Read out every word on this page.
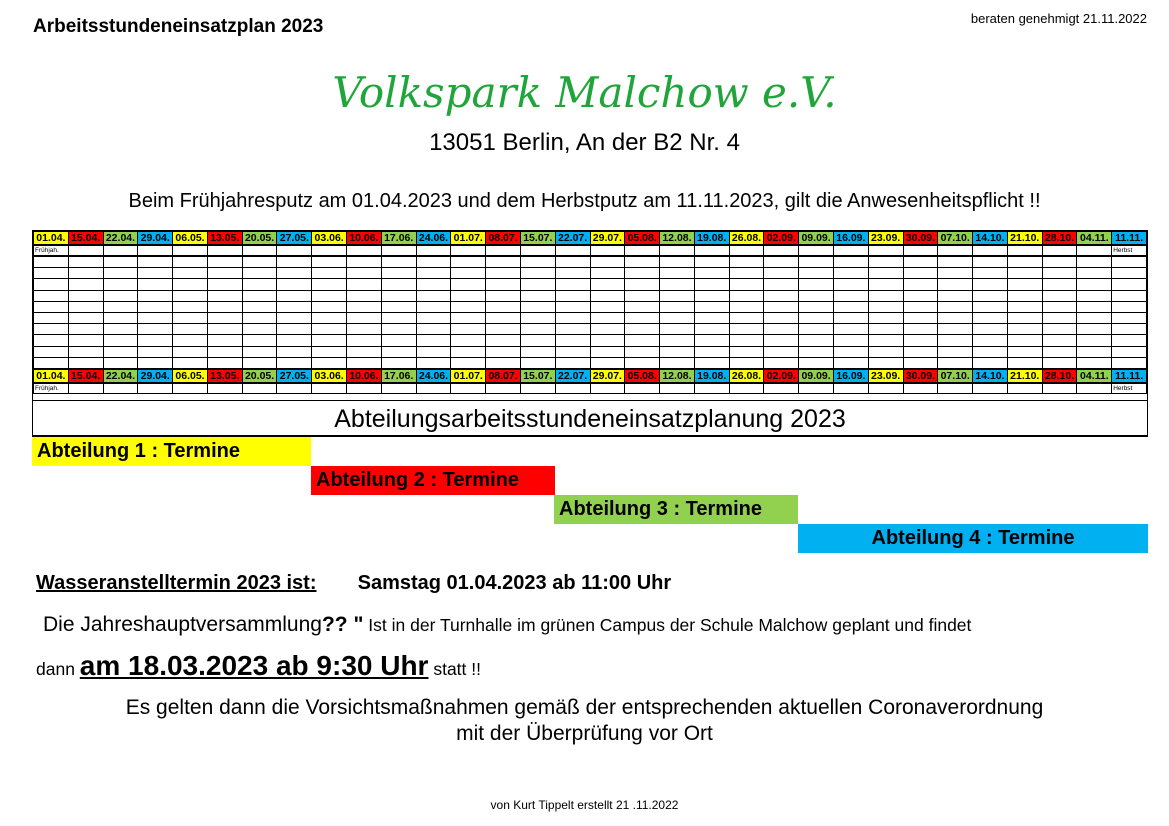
Arbeitsstundeneinsatzplan 2023	beraten genehmigt 21.11.2022
Volkspark Malchow e.V.
13051 Berlin, An der B2 Nr. 4
Beim Frühjahresputz am 01.04.2023 und dem Herbstputz am 11.11.2023, gilt die Anwesenheitspflicht !!
01.04.	15.04.	22.04.	29.04.	06.05.	13.05.	20.05.	27.05.	03.06.	10.06.	17.06.	24.06.	01.07.	08.07.	15.07.	22.07.	29.07.	05.08.	12.08.	19.08.	26.08.	02.09.	09.09.	16.09.	23.09.	30.09.	07.10.	14.10.	21.10.	28.10.	04.11.	11.11.
Frühjah.																															Herbst

01.04.	15.04.	22.04.	29.04.	06.05.	13.05.	20.05.	27.05.	03.06.	10.06.	17.06.	24.06.	01.07.	08.07.	15.07.	22.07.	29.07.	05.08.	12.08.	19.08.	26.08.	02.09.	09.09.	16.09.	23.09.	30.09.	07.10.	14.10.	21.10.	28.10.	04.11.	11.11.
Frühjah.																															Herbst
Abteilungsarbeitsstundeneinsatzplanung 2023
Abteilung 1 : Termine
Abteilung 2 : Termine
Abteilung 3 : Termine
Abteilung 4 : Termine
Wasseranstelltermin 2023 ist: Samstag 01.04.2023 ab 11:00 Uhr
Die Jahreshauptversammlung?? " Ist in der Turnhalle im grünen Campus der Schule Malchow geplant und findet
dann am 18.03.2023 ab 9:30 Uhr statt !!
Es gelten dann die Vorsichtsmaßnahmen gemäß der entsprechenden aktuellen Coronaverordnung
mit der Überprüfung vor Ort
von Kurt Tippelt erstellt 21 .11.2022
